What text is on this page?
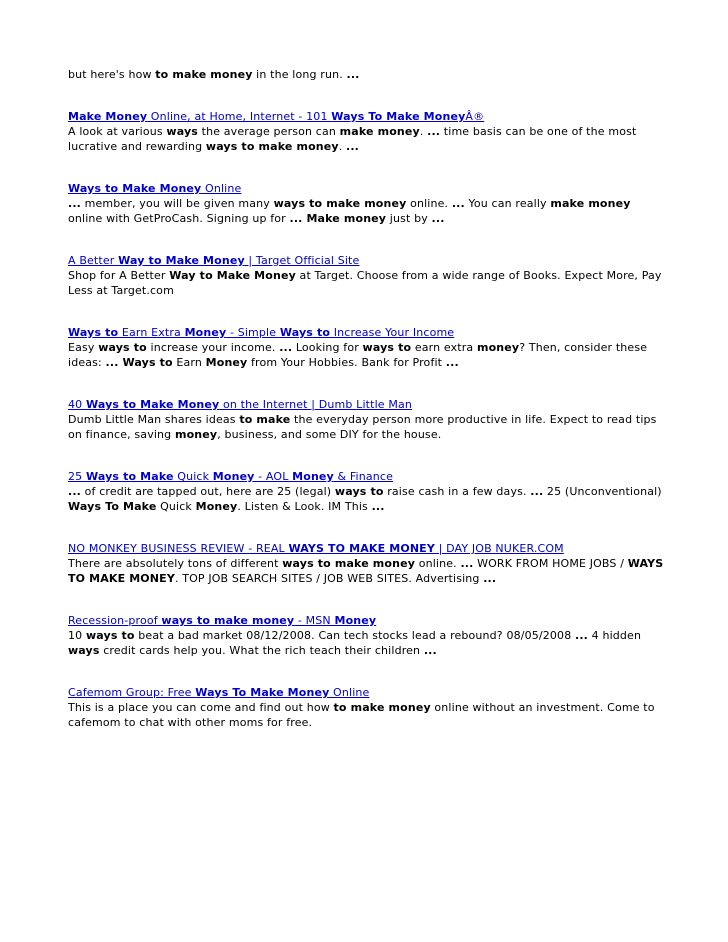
but here's how to make money in the long run. ...
Make Money Online, at Home, Internet - 101 Ways To Make MoneyÂ®
A look at various ways the average person can make money. ... time basis can be one of the most lucrative and rewarding ways to make money. ...
Ways to Make Money Online
... member, you will be given many ways to make money online. ... You can really make money online with GetProCash. Signing up for ... Make money just by ...
A Better Way to Make Money | Target Official Site
Shop for A Better Way to Make Money at Target. Choose from a wide range of Books. Expect More, Pay Less at Target.com
Ways to Earn Extra Money - Simple Ways to Increase Your Income
Easy ways to increase your income. ... Looking for ways to earn extra money? Then, consider these ideas: ... Ways to Earn Money from Your Hobbies. Bank for Profit ...
40 Ways to Make Money on the Internet | Dumb Little Man
Dumb Little Man shares ideas to make the everyday person more productive in life. Expect to read tips on finance, saving money, business, and some DIY for the house.
25 Ways to Make Quick Money - AOL Money & Finance
... of credit are tapped out, here are 25 (legal) ways to raise cash in a few days. ... 25 (Unconventional) Ways To Make Quick Money. Listen & Look. IM This ...
NO MONKEY BUSINESS REVIEW - REAL WAYS TO MAKE MONEY | DAY JOB NUKER.COM
There are absolutely tons of different ways to make money online. ... WORK FROM HOME JOBS / WAYS TO MAKE MONEY. TOP JOB SEARCH SITES / JOB WEB SITES. Advertising ...
Recession-proof ways to make money - MSN Money
10 ways to beat a bad market 08/12/2008. Can tech stocks lead a rebound? 08/05/2008 ... 4 hidden ways credit cards help you. What the rich teach their children ...
Cafemom Group: Free Ways To Make Money Online
This is a place you can come and find out how to make money online without an investment. Come to cafemom to chat with other moms for free.
